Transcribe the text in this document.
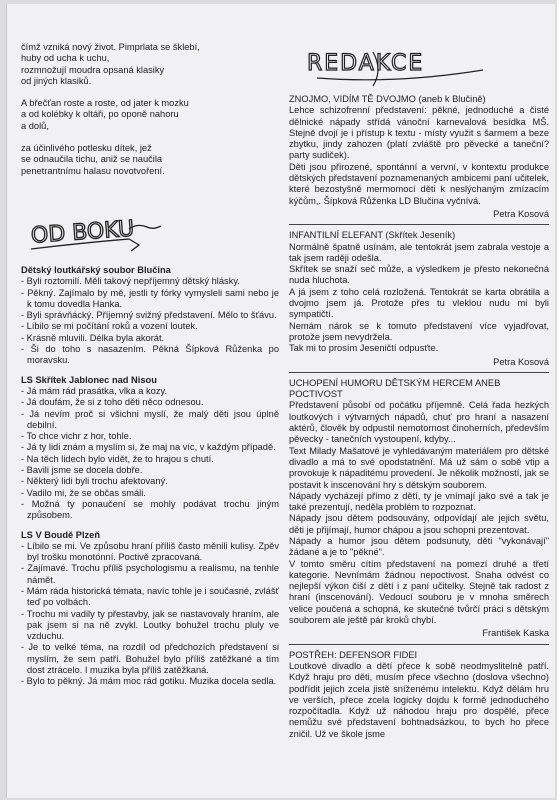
čímž vzniká nový život. Pimprlata se šklebí,
huby od ucha k uchu,
rozmnožují moudra opsaná klasiky
od jiných klasiků.
A břečťan roste a roste, od jater k mozku
a od kolébky k oltáři, po oponě nahoru
a dolů,
za účinlivého potlesku dítek, jež
se odnaučila tichu, aniž se naučila
penetrantnímu halasu novotvoření.
OD BOKU
Dětský loutkářský soubor Blučina

- Byli roztomilí. Měli takový nepříjemný dětský hlásky.

- Pěkný. Zajímalo by mě, jestli ty fórky vymysleli sami nebo je k tomu dovedla Hanka.

- Byli správňácký. Příjemný svižný představení. Mělo to šťávu.

- Líbilo se mi počítání roků a vození loutek.

- Krásně mluvili. Délka byla akorát.

- Ši do toho s nasazením. Pěkná Šípková Růženka po moravsku.

LS Skřítek Jablonec nad Nisou

- Já mám rád prasátka, vlka a kozy.

- Já doufám, že si z toho děti něco odnesou.

- Já nevím proč si všichni myslí, že malý děti jsou úplně debilní.

- To chce vichr z hor, tohle.

- Já ty lidi znám a myslím si, že maj na víc, v každým případě.

- Na těch lidech bylo vidět, že to hrajou s chutí.

- Bavili jsme se docela dobře.

- Některý lidi byli trochu afektovaný.

- Vadilo mi, že se občas smáli.

- Možná ty ponaučení se mohly podávat trochu jiným způsobem.

LS V Boudě Plzeň

- Líbilo se mi. Ve způsobu hraní příliš často měnili kulisy. Zpěv byl trošku monotónní. Poctivě zpracovaná.

- Zajímavé. Trochu příliš psychologismu a realismu, na tenhle námět.

- Mám ráda historická témata, navíc tohle je i současné, zvlášť teď po volbách.

- Trochu mi vadily ty přestavby, jak se nastavovaly hraním, ale pak jsem si na ně zvykl. Loutky bohužel trochu pluly ve vzduchu.

- Je to velké téma, na rozdíl od předchozích představení si myslím, že sem patří. Bohužel bylo příliš zatěžkané a tím dost ztrácelo. I muzika byla příliš zatěžkaná.

- Bylo to pěkný. Já mám moc rád gotiku. Muzika docela sedla.

REDAKCE
ZNOJMO, VIDÍM TĚ DVOJMO (aneb k Blučině)

Lehce schizofrenní představení: pěkné, jednoduché a čisté dělnické nápady střídá vánoční karnevalová besídka MŠ. Stejně dvojí je i přístup k textu - místy využit s šarmem a beze zbytku, jindy zahozen (platí zvláště pro pěvecké a taneční? party sudiček).

Děti jsou přirozené, spontánní a vervní, v kontextu produkce dětských představení poznamenaných ambicemi paní učitelek, které bezostyšně mermomocí děti k neslýchaným zmízacím kýčům,. Šípková Růženka LD Blučina vyčnívá.

Petra Kosová
INFANTILNÍ ELEFANT (Skřítek Jeseník)

Normálně špatně usínám, ale tentokrát jsem zabrala vestoje a tak jsem raději odešla.

Skřítek se snaží seč může, a výsledkem je přesto nekonečná nuda hluchota.

A já jsem z toho celá rozložená. Tentokrát se karta obrátila a dvojmo jsem já. Protože přes tu vleklou nudu mi byli sympatičtí.

Nemám nárok se k tomuto představení více vyjadřovat, protože jsem nevydržela.

Tak mi to prosím Jeseničtí odpusťte.

Petra Kosová
UCHOPENÍ HUMORU DĚTSKÝM HERCEM ANEB POCTIVOST

Představení působí od počátku příjemně. Celá řada hezkých loutkových i výtvarných nápadů, chuť pro hraní a nasazení aktérů, člověk by odpustil nemotornost činoherních, především pěvecky - tanečních vystoupení, kdyby...

Text Milady Mašatové je vyhledávaným materiálem pro dětské divadlo a má to své opodstatnění. Má už sám o sobě vtip a provokuje k nápaditému provedení. Je několik možností, jak se postavit k inscenování hry s dětským souborem.

Nápady vycházejí přímo z dětí, ty je vnímají jako své a tak je také prezentují, neděla problém to rozpoznat.

Nápady jsou dětem podsouvány, odpovídají ale jejich světu, děti je přijímají, humor chápou a jsou schopni prezentovat.

Nápady a humor jsou dětem podsunuty, děti "vykonávají" žádané a je to "pěkné".

V tomto směru cítím představení na pomezí druhé a třetí kategorie. Nevnímám žádnou nepoctivost. Snaha odvést co nejlepší výkon čiší z dětí i z paní učitelky. Stejně tak radost z hraní (inscenování). Vedoucí souboru je v mnoha směrech velice poučená a schopná, ke skutečné tvůrčí práci s dětským souborem ale ještě pár kroků chybí.

František Kaska
POSTŘEH: DEFENSOR FIDEI

Loutkové divadlo a dětí přece k sobě neodmyslitelně patří. Když hraju pro děti, musím přece všechno (doslova všechno) podřídit jejich zcela jistě sníženému intelektu. Když dělám hru ve verších, přece zcela logicky dojdu k formě jednoduchého rozpočítadla. Když už náhodou hraju pro dospělé, přece nemůžu své představení bohtnadsázkou, to bych ho přece zničil. Už ve škole jsme
